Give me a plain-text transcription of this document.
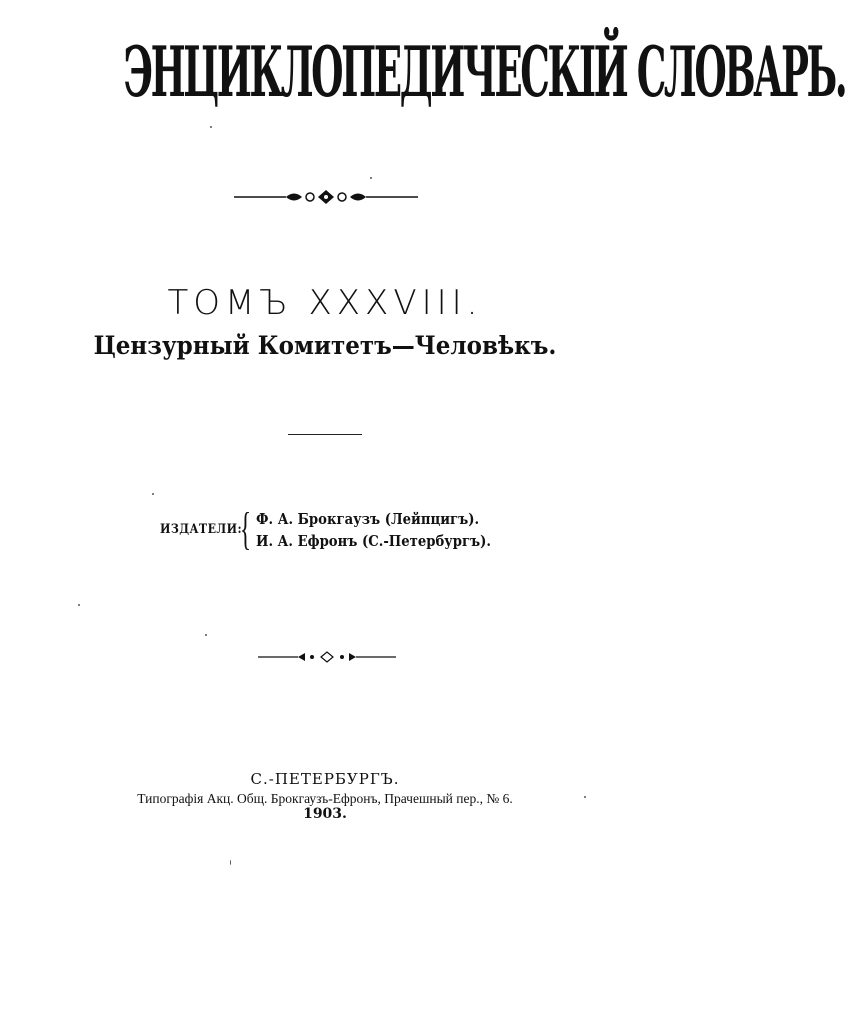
ЭНЦИКЛОПЕДИЧЕСКІЙ СЛОВАРЬ.
ТОМЪ XXXVIII.
Цензурный Комитетъ—Человѣкъ.
ИЗДАТЕЛИ:
{ Ф. А. Брокгаузъ (Лейпцигъ).
И. А. Ефронъ (С.-Петербургъ).
С.-ПЕТЕРБУРГЪ.
Типографія Акц. Общ. Брокгаузъ-Ефронъ, Прачешный пер., № 6.
1903.
